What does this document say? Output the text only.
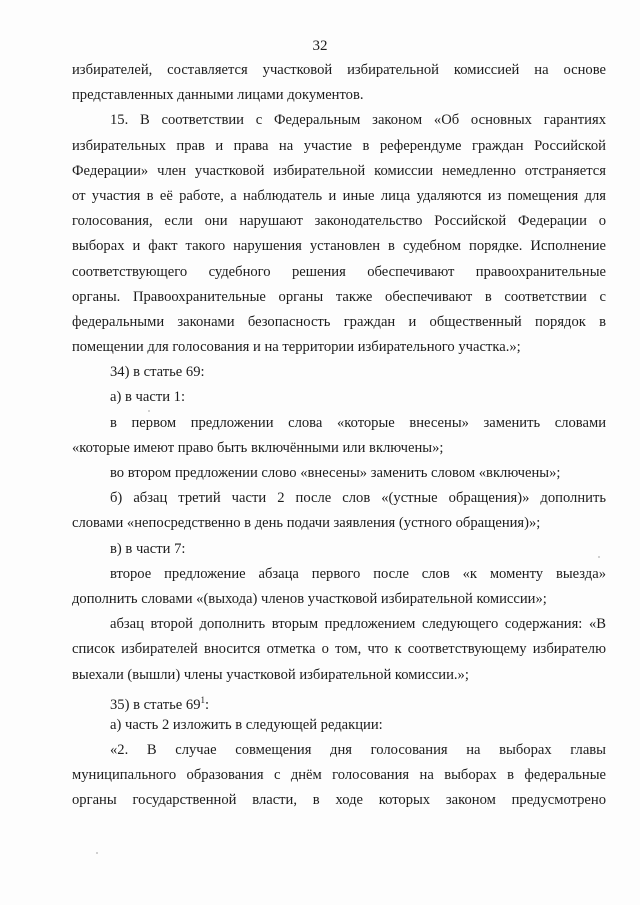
32
избирателей, составляется участковой избирательной комиссией на основе
представленных данными лицами документов.
15. В соответствии с Федеральным законом «Об основных гарантиях
избирательных прав и права на участие в референдуме граждан Российской
Федерации» член участковой избирательной комиссии немедленно отстраняется
от участия в её работе, а наблюдатель и иные лица удаляются из помещения для
голосования, если они нарушают законодательство Российской Федерации о
выборах и факт такого нарушения установлен в судебном порядке. Исполнение
соответствующего судебного решения обеспечивают правоохранительные
органы. Правоохранительные органы также обеспечивают в соответствии с
федеральными законами безопасность граждан и общественный порядок в
помещении для голосования и на территории избирательного участка.»;
34) в статье 69:
а) в части 1:
в первом предложении слова «которые внесены» заменить словами
«которые имеют право быть включёнными или включены»;
во втором предложении слово «внесены» заменить словом «включены»;
б) абзац третий части 2 после слов «(устные обращения)» дополнить
словами «непосредственно в день подачи заявления (устного обращения)»;
в) в части 7:
второе предложение абзаца первого после слов «к моменту выезда»
дополнить словами «(выхода) членов участковой избирательной комиссии»;
абзац второй дополнить вторым предложением следующего содержания: «В
список избирателей вносится отметка о том, что к соответствующему избирателю
выехали (вышли) члены участковой избирательной комиссии.»;
35) в статье $69^1$:
а) часть 2 изложить в следующей редакции:
«2. В случае совмещения дня голосования на выборах главы
муниципального образования с днём голосования на выборах в федеральные
органы государственной власти, в ходе которых законом предусмотрено
